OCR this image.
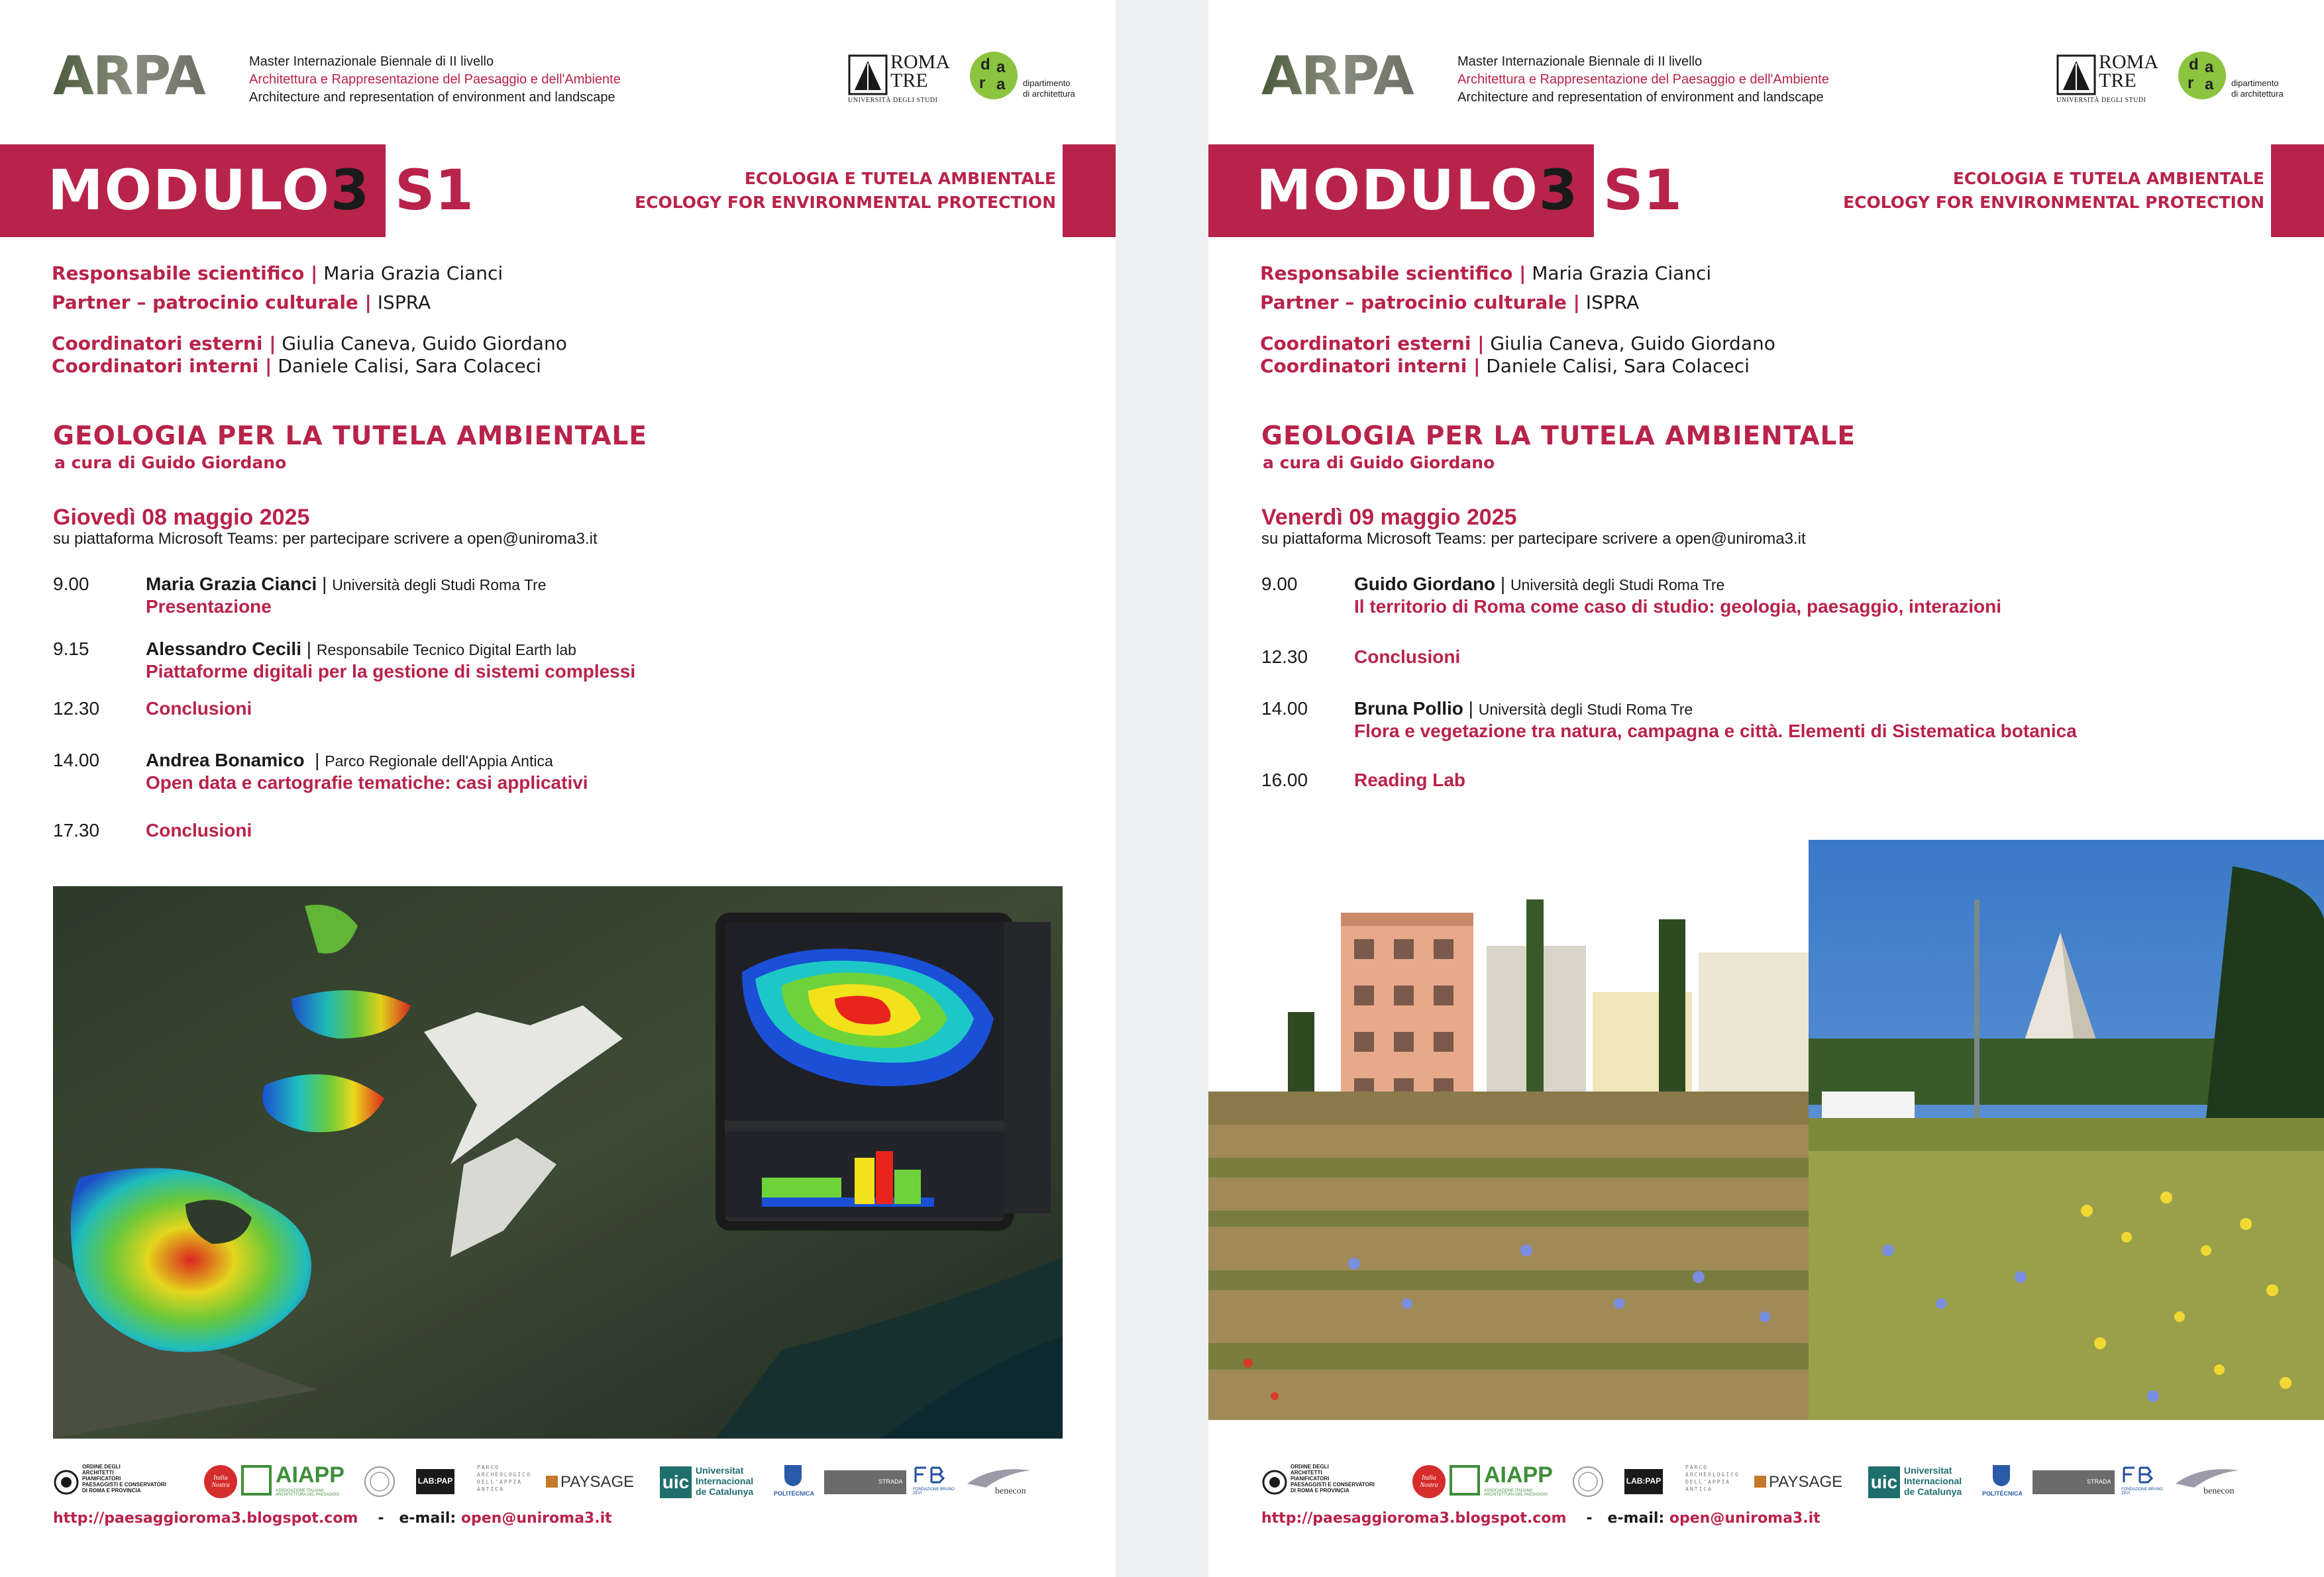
ARPA	Master Internazionale Biennale di II livello
Architettura e Rappresentazione del Paesaggio e dell'Ambiente
Architecture and representation of environment and landscape
ROMA
TRE
UNIVERSITÀ DEGLI STUDI
d a
r a dipartimento
di architettura
MODULO3 S1	ECOLOGIA E TUTELA AMBIENTALE
ECOLOGY FOR ENVIRONMENTAL PROTECTION
Responsabile scientifico | Maria Grazia Cianci
Partner – patrocinio culturale | ISPRA
Coordinatori esterni | Giulia Caneva, Guido Giordano
Coordinatori interni | Daniele Calisi, Sara Colaceci
GEOLOGIA PER LA TUTELA AMBIENTALE
a cura di Guido Giordano
Giovedì 08 maggio 2025
su piattaforma Microsoft Teams: per partecipare scrivere a open@uniroma3.it
9.00	Maria Grazia Cianci | Università degli Studi Roma Tre
Presentazione
9.15	Alessandro Cecili | Responsabile Tecnico Digital Earth lab
Piattaforme digitali per la gestione di sistemi complessi
12.30 Conclusioni
14.00 Andrea Bonamico  | Parco Regionale dell'Appia Antica
Open data e cartografie tematiche: casi applicativi
17.30 Conclusioni
ORDINE DEGLI
ARCHITETTI
PIANIFICATORI
PAESAGGISTI E CONSERVATORI
DI ROMA E PROVINCIA
Italia Nostra	AIAPP
ASSOCIAZIONE ITALIANA ARCHITETTURA DEL PAESAGGIO
LAB:PAP
PARCO
ARCHEOLOGICO
DELL'APPIA
ANTICA	PAYSAGE uic
Universitat
Internacional
de Catalunya	POLITÉCNICA
STRADA
FONDAZIONE BRUNO ZEVI	benecon
http://paesaggioroma3.blogspot.com - e-mail: open@uniroma3.it
ARPA	Master Internazionale Biennale di II livello
Architettura e Rappresentazione del Paesaggio e dell'Ambiente
Architecture and representation of environment and landscape
ROMA
TRE
UNIVERSITÀ DEGLI STUDI
d a
r a dipartimento
di architettura
MODULO3 S1	ECOLOGIA E TUTELA AMBIENTALE
ECOLOGY FOR ENVIRONMENTAL PROTECTION
Responsabile scientifico | Maria Grazia Cianci
Partner – patrocinio culturale | ISPRA
Coordinatori esterni | Giulia Caneva, Guido Giordano
Coordinatori interni | Daniele Calisi, Sara Colaceci
GEOLOGIA PER LA TUTELA AMBIENTALE
a cura di Guido Giordano
Venerdì 09 maggio 2025
su piattaforma Microsoft Teams: per partecipare scrivere a open@uniroma3.it
9.00	Guido Giordano | Università degli Studi Roma Tre
Il territorio di Roma come caso di studio: geologia, paesaggio, interazioni
12.30 Conclusioni
14.00 Bruna Pollio | Università degli Studi Roma Tre
Flora e vegetazione tra natura, campagna e città. Elementi di Sistematica botanica
16.00 Reading Lab
ORDINE DEGLI
ARCHITETTI
PIANIFICATORI
PAESAGGISTI E CONSERVATORI
DI ROMA E PROVINCIA
Italia Nostra	AIAPP
ASSOCIAZIONE ITALIANA ARCHITETTURA DEL PAESAGGIO
LAB:PAP
PARCO
ARCHEOLOGICO
DELL'APPIA
ANTICA	PAYSAGE uic
Universitat
Internacional
de Catalunya	POLITÉCNICA
STRADA
FONDAZIONE BRUNO ZEVI	benecon
http://paesaggioroma3.blogspot.com - e-mail: open@uniroma3.it
